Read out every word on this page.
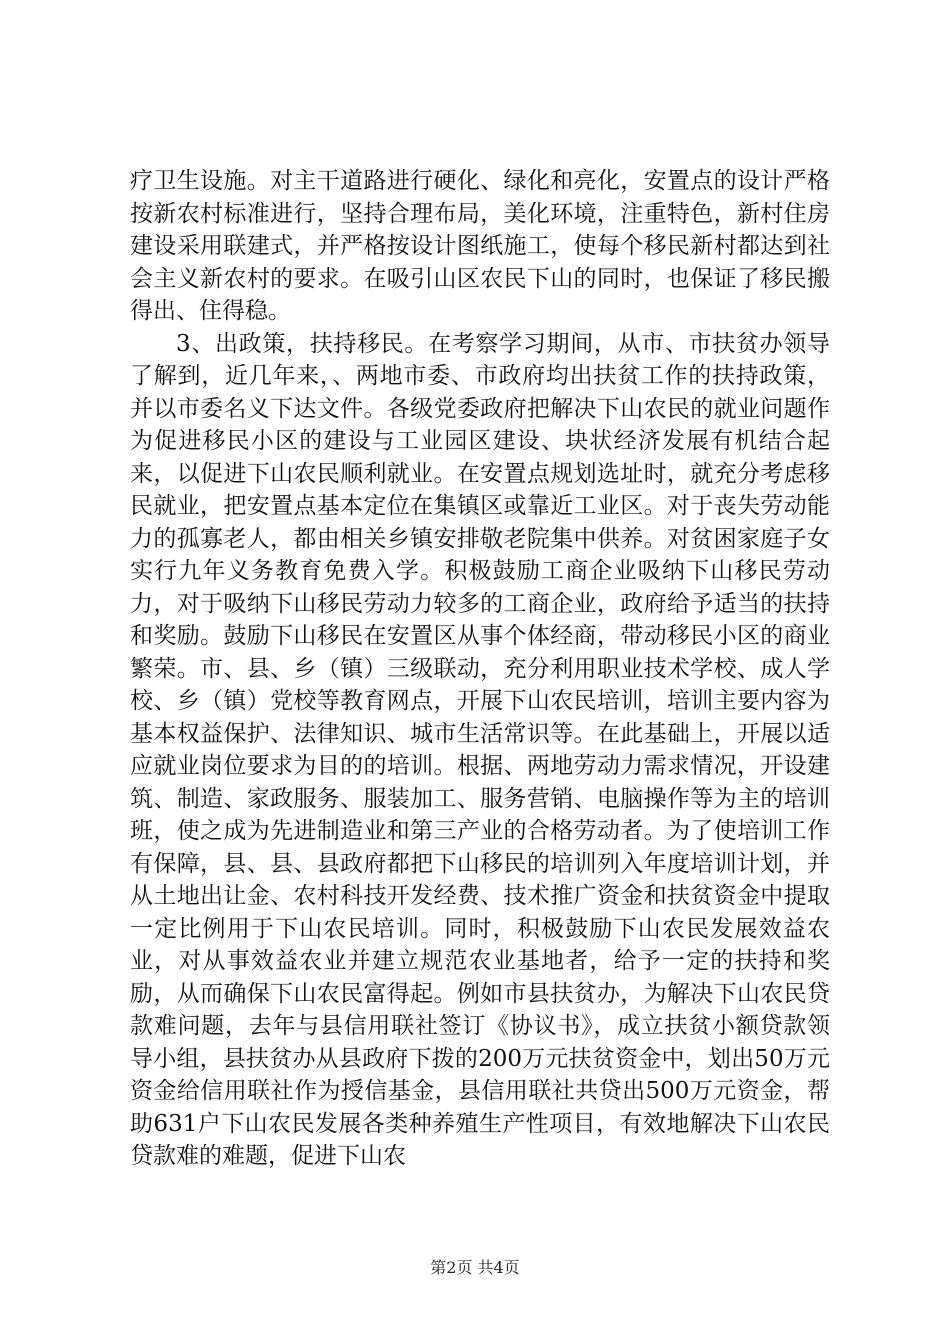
疗卫生设施。对主干道路进行硬化、绿化和亮化，安置点的设计严格按新农村标准进行，坚持合理布局，美化环境，注重特色，新村住房建设采用联建式，并严格按设计图纸施工，使每个移民新村都达到社会主义新农村的要求。在吸引山区农民下山的同时，也保证了移民搬得出、住得稳。

3、出政策，扶持移民。在考察学习期间，从市、市扶贫办领导了解到，近几年来，、两地市委、市政府均出扶贫工作的扶持政策，并以市委名义下达文件。各级党委政府把解决下山农民的就业问题作为促进移民小区的建设与工业园区建设、块状经济发展有机结合起来，以促进下山农民顺利就业。在安置点规划选址时，就充分考虑移民就业，把安置点基本定位在集镇区或靠近工业区。对于丧失劳动能力的孤寡老人，都由相关乡镇安排敬老院集中供养。对贫困家庭子女实行九年义务教育免费入学。积极鼓励工商企业吸纳下山移民劳动力，对于吸纳下山移民劳动力较多的工商企业，政府给予适当的扶持和奖励。鼓励下山移民在安置区从事个体经商，带动移民小区的商业繁荣。市、县、乡（镇）三级联动，充分利用职业技术学校、成人学校、乡（镇）党校等教育网点，开展下山农民培训，培训主要内容为基本权益保护、法律知识、城市生活常识等。在此基础上，开展以适应就业岗位要求为目的的培训。根据、两地劳动力需求情况，开设建筑、制造、家政服务、服装加工、服务营销、电脑操作等为主的培训班，使之成为先进制造业和第三产业的合格劳动者。为了使培训工作有保障，县、县、县政府都把下山移民的培训列入年度培训计划，并从土地出让金、农村科技开发经费、技术推广资金和扶贫资金中提取一定比例用于下山农民培训。同时，积极鼓励下山农民发展效益农业，对从事效益农业并建立规范农业基地者，给予一定的扶持和奖励，从而确保下山农民富得起。例如市县扶贫办，为解决下山农民贷款难问题，去年与县信用联社签订《协议书》，成立扶贫小额贷款领导小组，县扶贫办从县政府下拨的200万元扶贫资金中，划出50万元资金给信用联社作为授信基金，县信用联社共贷出500万元资金，帮助631户下山农民发展各类种养殖生产性项目，有效地解决下山农民贷款难的难题，促进下山农

第2页 共4页
